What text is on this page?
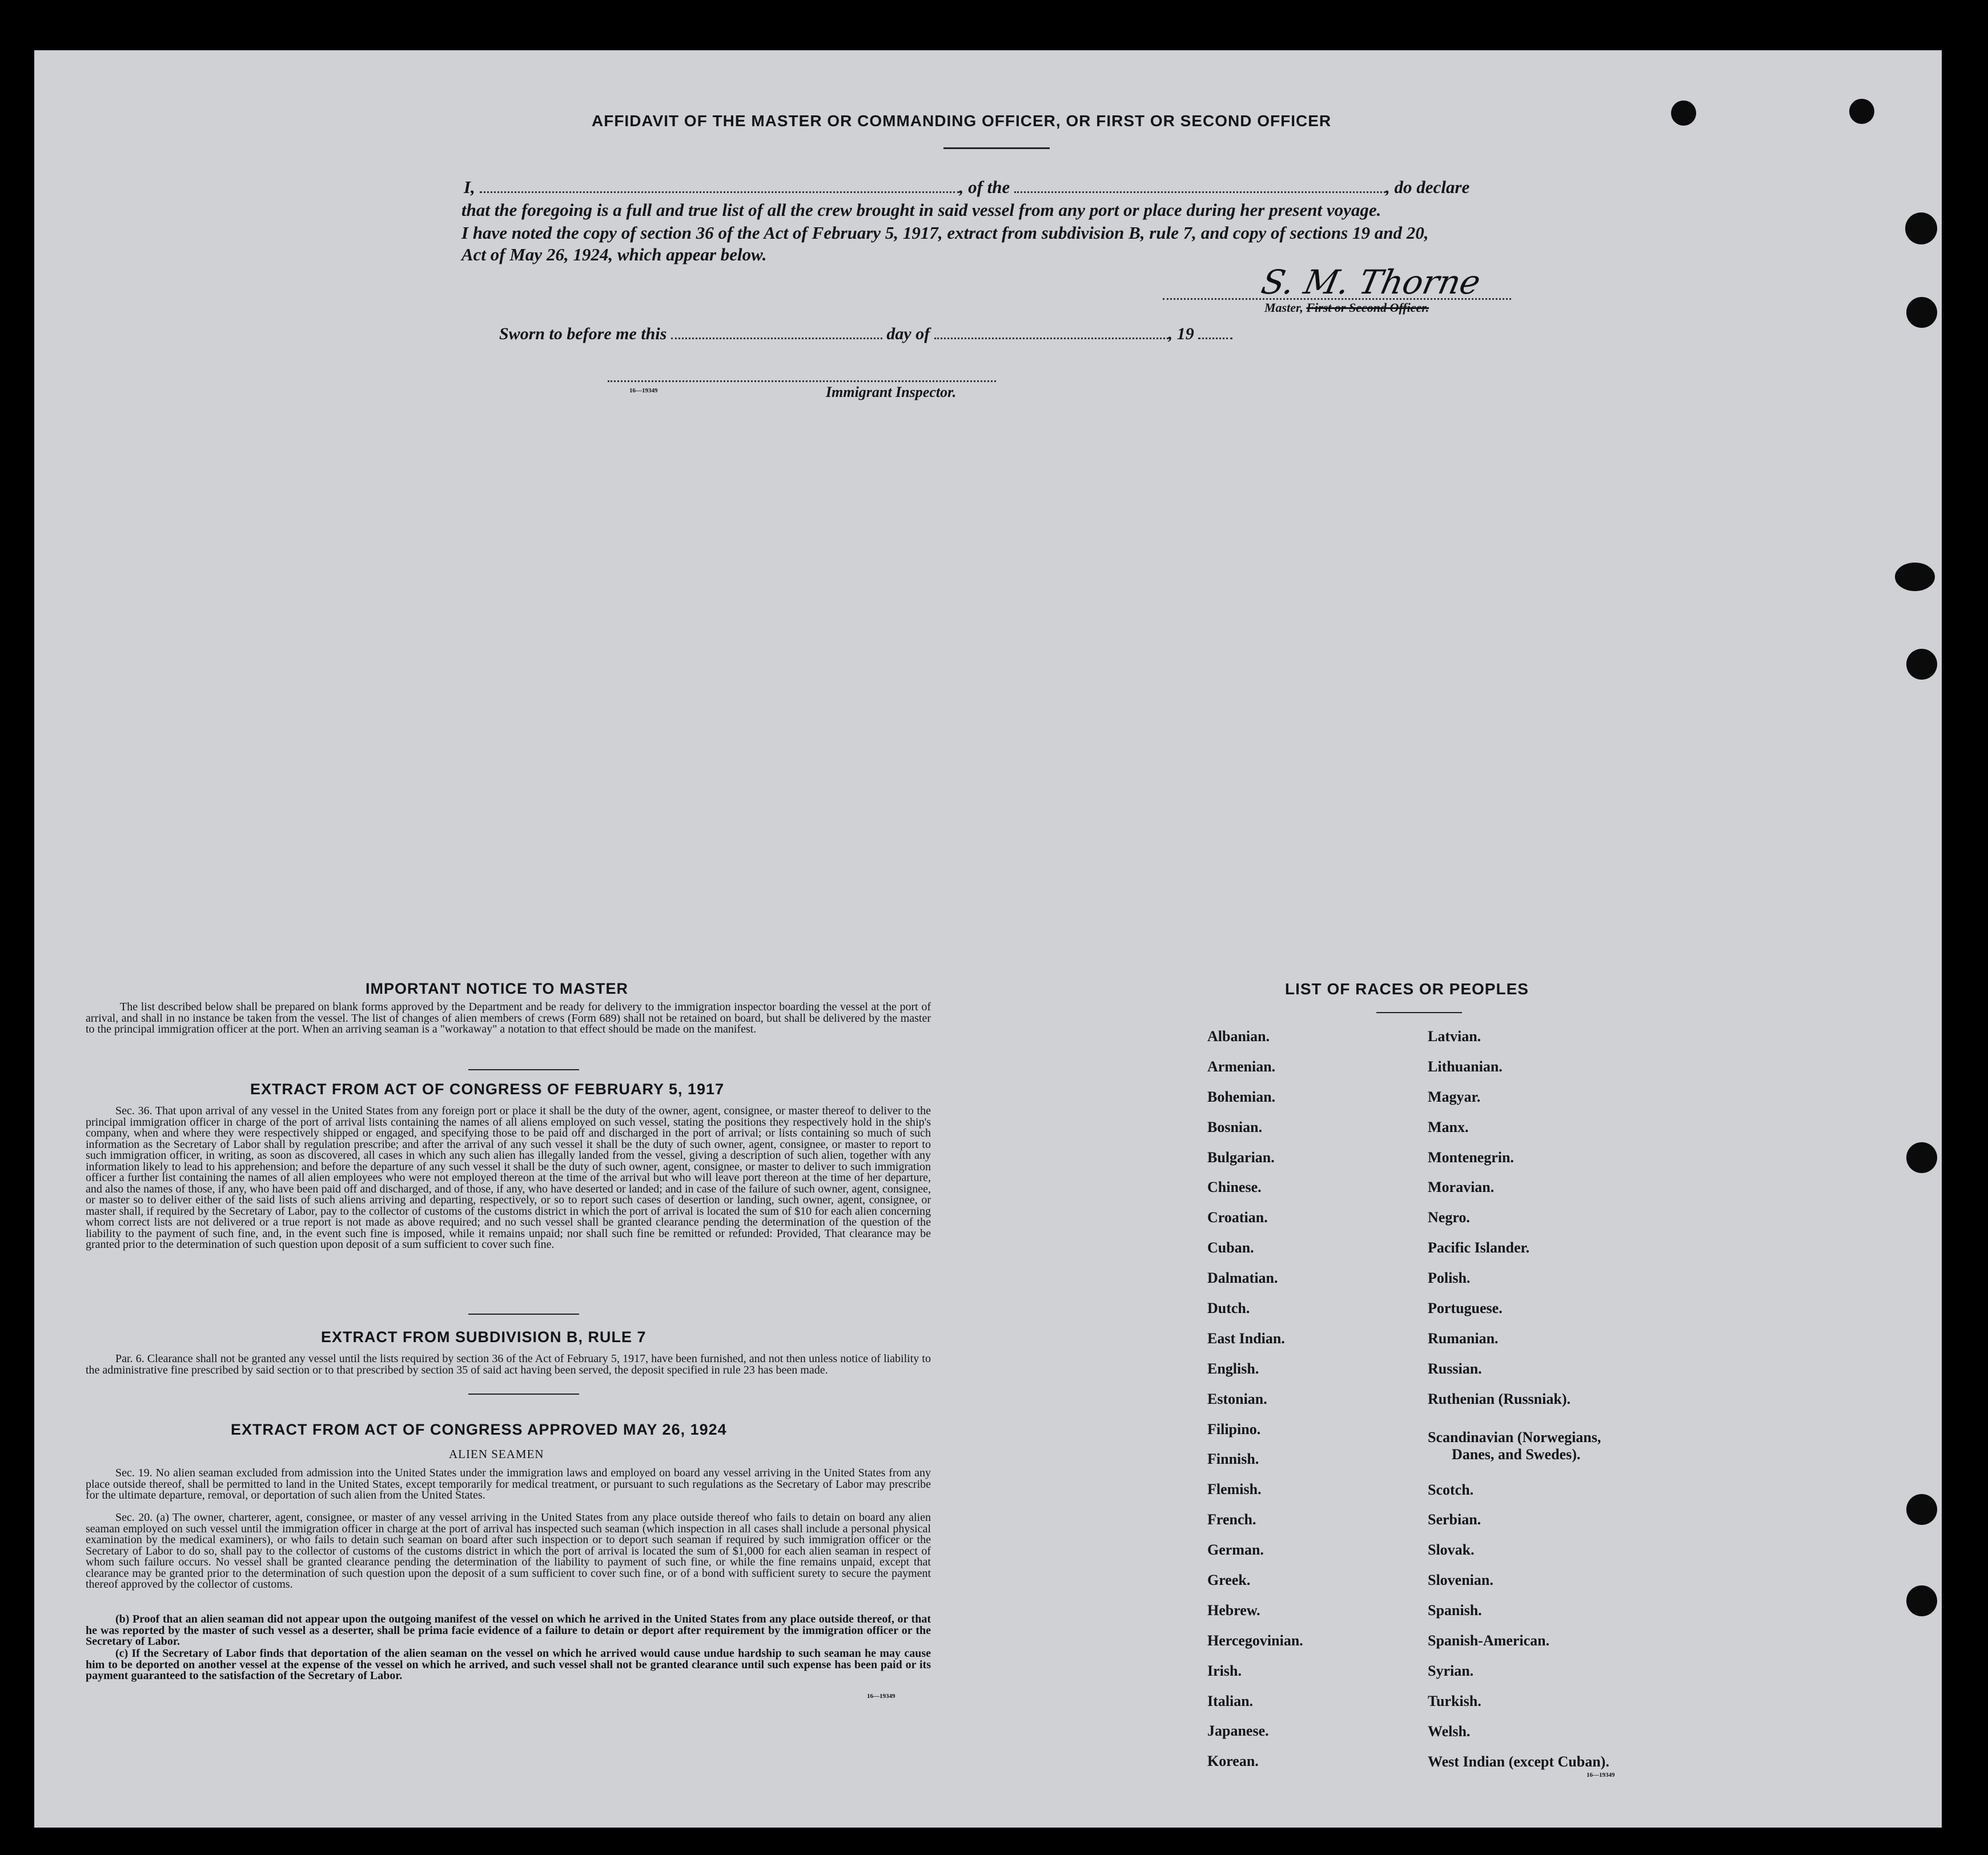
AFFIDAVIT OF THE MASTER OR COMMANDING OFFICER, OR FIRST OR SECOND OFFICER
I,	, of the	, do declare
that the foregoing is a full and true list of all the crew brought in said vessel from any port or place during her present voyage.
I have noted the copy of section 36 of the Act of February 5, 1917, extract from subdivision B, rule 7, and copy of sections 19 and 20,
Act of May 26, 1924, which appear below.
S. M. Thorne
Master, First or Second Officer.
Sworn to before me this	day of	, 19
16—19349	Immigrant Inspector.
IMPORTANT NOTICE TO MASTER
The list described below shall be prepared on blank forms approved by the Department and be ready for delivery to the immigration inspector boarding the vessel at the port of arrival, and shall in no instance be taken from the vessel. The list of changes of alien members of crews (Form 689) shall not be retained on board, but shall be delivered by the master to the principal immigration officer at the port. When an arriving seaman is a "workaway" a notation to that effect should be made on the manifest.
EXTRACT FROM ACT OF CONGRESS OF FEBRUARY 5, 1917
Sec. 36. That upon arrival of any vessel in the United States from any foreign port or place it shall be the duty of the owner, agent, consignee, or master thereof to deliver to the principal immigration officer in charge of the port of arrival lists containing the names of all aliens employed on such vessel, stating the positions they respectively hold in the ship's company, when and where they were respectively shipped or engaged, and specifying those to be paid off and discharged in the port of arrival; or lists containing so much of such information as the Secretary of Labor shall by regulation prescribe; and after the arrival of any such vessel it shall be the duty of such owner, agent, consignee, or master to report to such immigration officer, in writing, as soon as discovered, all cases in which any such alien has illegally landed from the vessel, giving a description of such alien, together with any information likely to lead to his apprehension; and before the departure of any such vessel it shall be the duty of such owner, agent, consignee, or master to deliver to such immigration officer a further list containing the names of all alien employees who were not employed thereon at the time of the arrival but who will leave port thereon at the time of her departure, and also the names of those, if any, who have been paid off and discharged, and of those, if any, who have deserted or landed; and in case of the failure of such owner, agent, consignee, or master so to deliver either of the said lists of such aliens arriving and departing, respectively, or so to report such cases of desertion or landing, such owner, agent, consignee, or master shall, if required by the Secretary of Labor, pay to the collector of customs of the customs district in which the port of arrival is located the sum of $10 for each alien concerning whom correct lists are not delivered or a true report is not made as above required; and no such vessel shall be granted clearance pending the determination of the question of the liability to the payment of such fine, and, in the event such fine is imposed, while it remains unpaid; nor shall such fine be remitted or refunded: Provided, That clearance may be granted prior to the determination of such question upon deposit of a sum sufficient to cover such fine.
EXTRACT FROM SUBDIVISION B, RULE 7
Par. 6. Clearance shall not be granted any vessel until the lists required by section 36 of the Act of February 5, 1917, have been furnished, and not then unless notice of liability to the administrative fine prescribed by said section or to that prescribed by section 35 of said act having been served, the deposit specified in rule 23 has been made.
EXTRACT FROM ACT OF CONGRESS APPROVED MAY 26, 1924
ALIEN SEAMEN
Sec. 19. No alien seaman excluded from admission into the United States under the immigration laws and employed on board any vessel arriving in the United States from any place outside thereof, shall be permitted to land in the United States, except temporarily for medical treatment, or pursuant to such regulations as the Secretary of Labor may prescribe for the ultimate departure, removal, or deportation of such alien from the United States.
Sec. 20. (a) The owner, charterer, agent, consignee, or master of any vessel arriving in the United States from any place outside thereof who fails to detain on board any alien seaman employed on such vessel until the immigration officer in charge at the port of arrival has inspected such seaman (which inspection in all cases shall include a personal physical examination by the medical examiners), or who fails to detain such seaman on board after such inspection or to deport such seaman if required by such immigration officer or the Secretary of Labor to do so, shall pay to the collector of customs of the customs district in which the port of arrival is located the sum of $1,000 for each alien seaman in respect of whom such failure occurs. No vessel shall be granted clearance pending the determination of the liability to payment of such fine, or while the fine remains unpaid, except that clearance may be granted prior to the determination of such question upon the deposit of a sum sufficient to cover such fine, or of a bond with sufficient surety to secure the payment thereof approved by the collector of customs.
(b) Proof that an alien seaman did not appear upon the outgoing manifest of the vessel on which he arrived in the United States from any place outside thereof, or that he was reported by the master of such vessel as a deserter, shall be prima facie evidence of a failure to detain or deport after requirement by the immigration officer or the Secretary of Labor.
(c) If the Secretary of Labor finds that deportation of the alien seaman on the vessel on which he arrived would cause undue hardship to such seaman he may cause him to be deported on another vessel at the expense of the vessel on which he arrived, and such vessel shall not be granted clearance until such expense has been paid or its payment guaranteed to the satisfaction of the Secretary of Labor.
16—19349
LIST OF RACES OR PEOPLES
Albanian.
Armenian.
Bohemian.
Bosnian.
Bulgarian.
Chinese.
Croatian.
Cuban.
Dalmatian.
Dutch.
East Indian.
English.
Estonian.
Filipino.
Finnish.
Flemish.
French.
German.
Greek.
Hebrew.
Hercegovinian.
Irish.
Italian.
Japanese.
Korean.
Latvian.
Lithuanian.
Magyar.
Manx.
Montenegrin.
Moravian.
Negro.
Pacific Islander.
Polish.
Portuguese.
Rumanian.
Russian.
Ruthenian (Russniak).
Scandinavian (Norwegians,
Danes, and Swedes).
Scotch.
Serbian.
Slovak.
Slovenian.
Spanish.
Spanish-American.
Syrian.
Turkish.
Welsh.
West Indian (except Cuban).
16—19349
